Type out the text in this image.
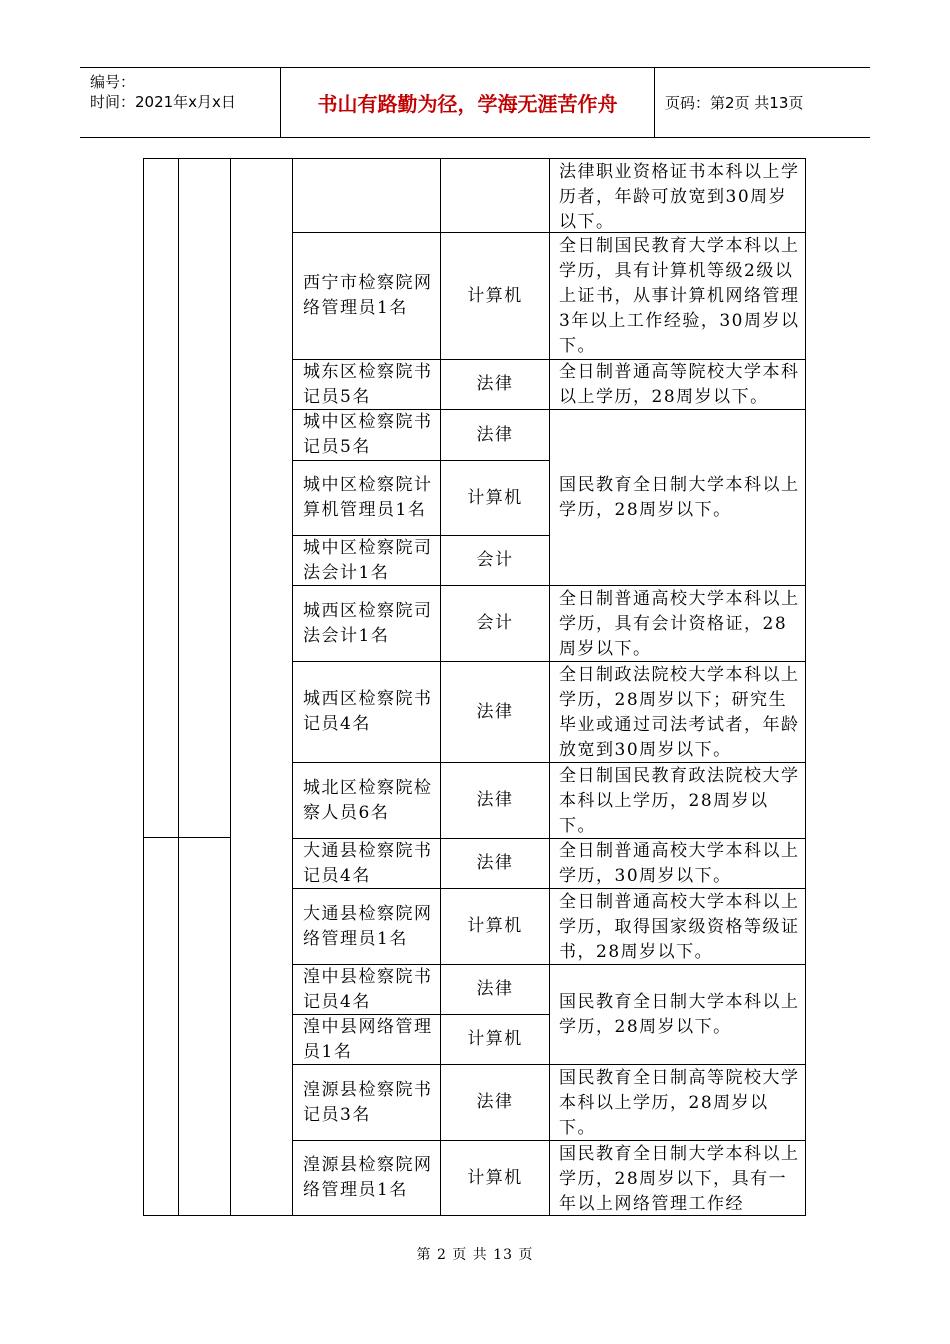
编号：
时间：2021年x月x日	书山有路勤为径，学海无涯苦作舟	页码：第2页 共13页
法律职业资格证书本科以上学历者，年龄可放宽到30周岁以下。
西宁市检察院网络管理员1名
计算机
全日制国民教育大学本科以上学历，具有计算机等级2级以上证书，从事计算机网络管理3年以上工作经验，30周岁以下。
城东区检察院书记员5名
法律
全日制普通高等院校大学本科以上学历，28周岁以下。
城中区检察院书记员5名
法律
城中区检察院计算机管理员1名
计算机
城中区检察院司法会计1名
会计
国民教育全日制大学本科以上学历，28周岁以下。
城西区检察院司法会计1名
会计
全日制普通高校大学本科以上学历，具有会计资格证，28周岁以下。
城西区检察院书记员4名
法律
全日制政法院校大学本科以上学历，28周岁以下；研究生毕业或通过司法考试者，年龄放宽到30周岁以下。
城北区检察院检察人员6名
法律
全日制国民教育政法院校大学本科以上学历，28周岁以下。
大通县检察院书记员4名
法律
全日制普通高校大学本科以上学历，30周岁以下。
大通县检察院网络管理员1名
计算机
全日制普通高校大学本科以上学历，取得国家级资格等级证书，28周岁以下。
湟中县检察院书记员4名
法律
湟中县网络管理员1名
计算机
国民教育全日制大学本科以上学历，28周岁以下。
湟源县检察院书记员3名
法律
国民教育全日制高等院校大学本科以上学历，28周岁以下。
湟源县检察院网络管理员1名
计算机
国民教育全日制大学本科以上学历，28周岁以下，具有一年以上网络管理工作经
第 2 页 共 13 页
